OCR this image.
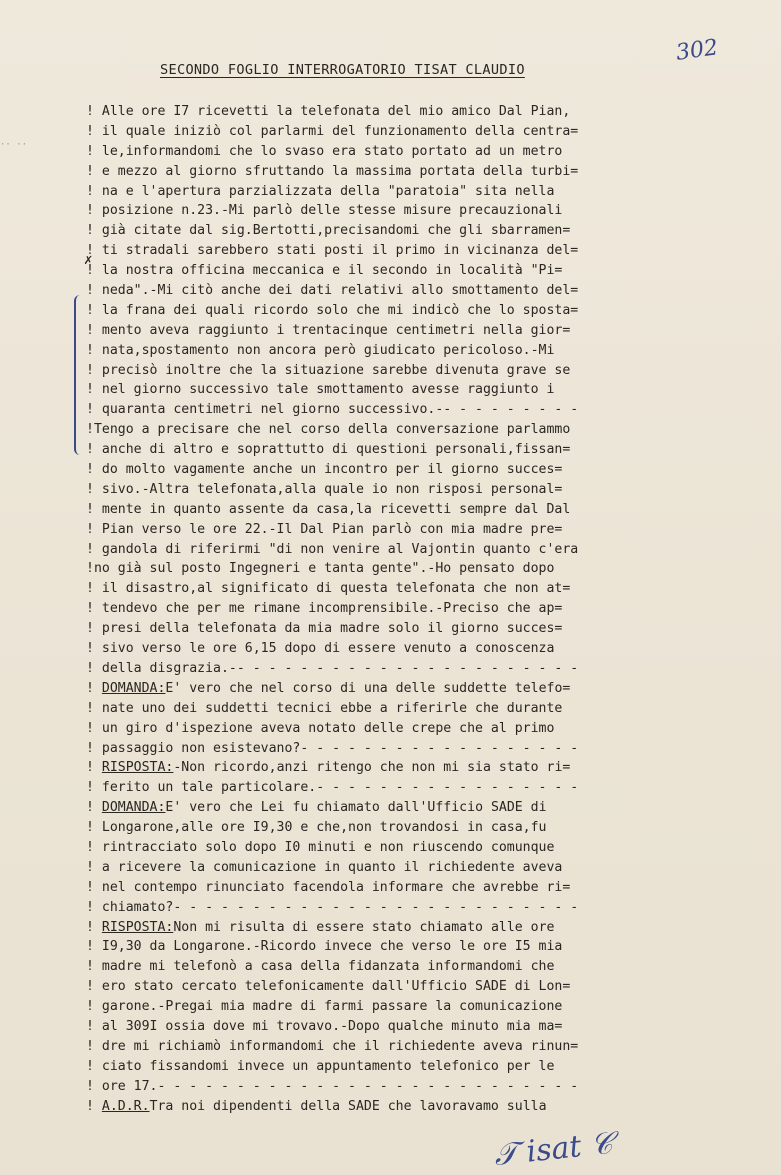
302
·· ··
SECONDO FOGLIO INTERROGATORIO TISAT CLAUDIO
✗
! Alle ore I7 ricevetti la telefonata del mio amico Dal Pian,
! il quale iniziò col parlarmi del funzionamento della centra=
! le,informandomi che lo svaso era stato portato ad un metro
! e mezzo al giorno sfruttando la massima portata della turbi=
! na e l'apertura parzializzata della "paratoia" sita nella
! posizione n.23.-Mi parlò delle stesse misure precauzionali
! già citate dal sig.Bertotti,precisandomi che gli sbarramen=
! ti stradali sarebbero stati posti il primo in vicinanza del=
! la nostra officina meccanica e il secondo in località "Pi=
! neda".-Mi citò anche dei dati relativi allo smottamento del=
! la frana dei quali ricordo solo che mi indicò che lo sposta=
! mento aveva raggiunto i trentacinque centimetri nella gior=
! nata,spostamento non ancora però giudicato pericoloso.-Mi
! precisò inoltre che la situazione sarebbe divenuta grave se
! nel giorno successivo tale smottamento avesse raggiunto i
! quaranta centimetri nel giorno successivo.-- - - - - - - - -
!Tengo a precisare che nel corso della conversazione parlammo
! anche di altro e soprattutto di questioni personali,fissan=
! do molto vagamente anche un incontro per il giorno succes=
! sivo.-Altra telefonata,alla quale io non risposi personal=
! mente in quanto assente da casa,la ricevetti sempre dal Dal
! Pian verso le ore 22.-Il Dal Pian parlò con mia madre pre=
! gandola di riferirmi "di non venire al Vajontin quanto c'era
!no già sul posto Ingegneri e tanta gente".-Ho pensato dopo
! il disastro,al significato di questa telefonata che non at=
! tendevo che per me rimane incomprensibile.-Preciso che ap=
! presi della telefonata da mia madre solo il giorno succes=
! sivo verso le ore 6,15 dopo di essere venuto a conoscenza
! della disgrazia.-- - - - - - - - - - - - - - - - - - - - - -
! DOMANDA:E' vero che nel corso di una delle suddette telefo=
! nate uno dei suddetti tecnici ebbe a riferirle che durante
! un giro d'ispezione aveva notato delle crepe che al primo
! passaggio non esistevano?- - - - - - - - - - - - - - - - - -
! RISPOSTA:-Non ricordo,anzi ritengo che non mi sia stato ri=
! ferito un tale particolare.- - - - - - - - - - - - - - - - -
! DOMANDA:E' vero che Lei fu chiamato dall'Ufficio SADE di
! Longarone,alle ore I9,30 e che,non trovandosi in casa,fu
! rintracciato solo dopo I0 minuti e non riuscendo comunque
! a ricevere la comunicazione in quanto il richiedente aveva
! nel contempo rinunciato facendola informare che avrebbe ri=
! chiamato?- - - - - - - - - - - - - - - - - - - - - - - - - -
! RISPOSTA:Non mi risulta di essere stato chiamato alle ore
! I9,30 da Longarone.-Ricordo invece che verso le ore I5 mia
! madre mi telefonò a casa della fidanzata informandomi che
! ero stato cercato telefonicamente dall'Ufficio SADE di Lon=
! garone.-Pregai mia madre di farmi passare la comunicazione
! al 309I ossia dove mi trovavo.-Dopo qualche minuto mia ma=
! dre mi richiamò informandomi che il richiedente aveva rinun=
! ciato fissandomi invece un appuntamento telefonico per le
! ore 17.- - - - - - - - - - - - - - - - - - - - - - - - - - -
! A.D.R.Tra noi dipendenti della SADE che lavoravamo sulla
𝒯 isat 𝒞
